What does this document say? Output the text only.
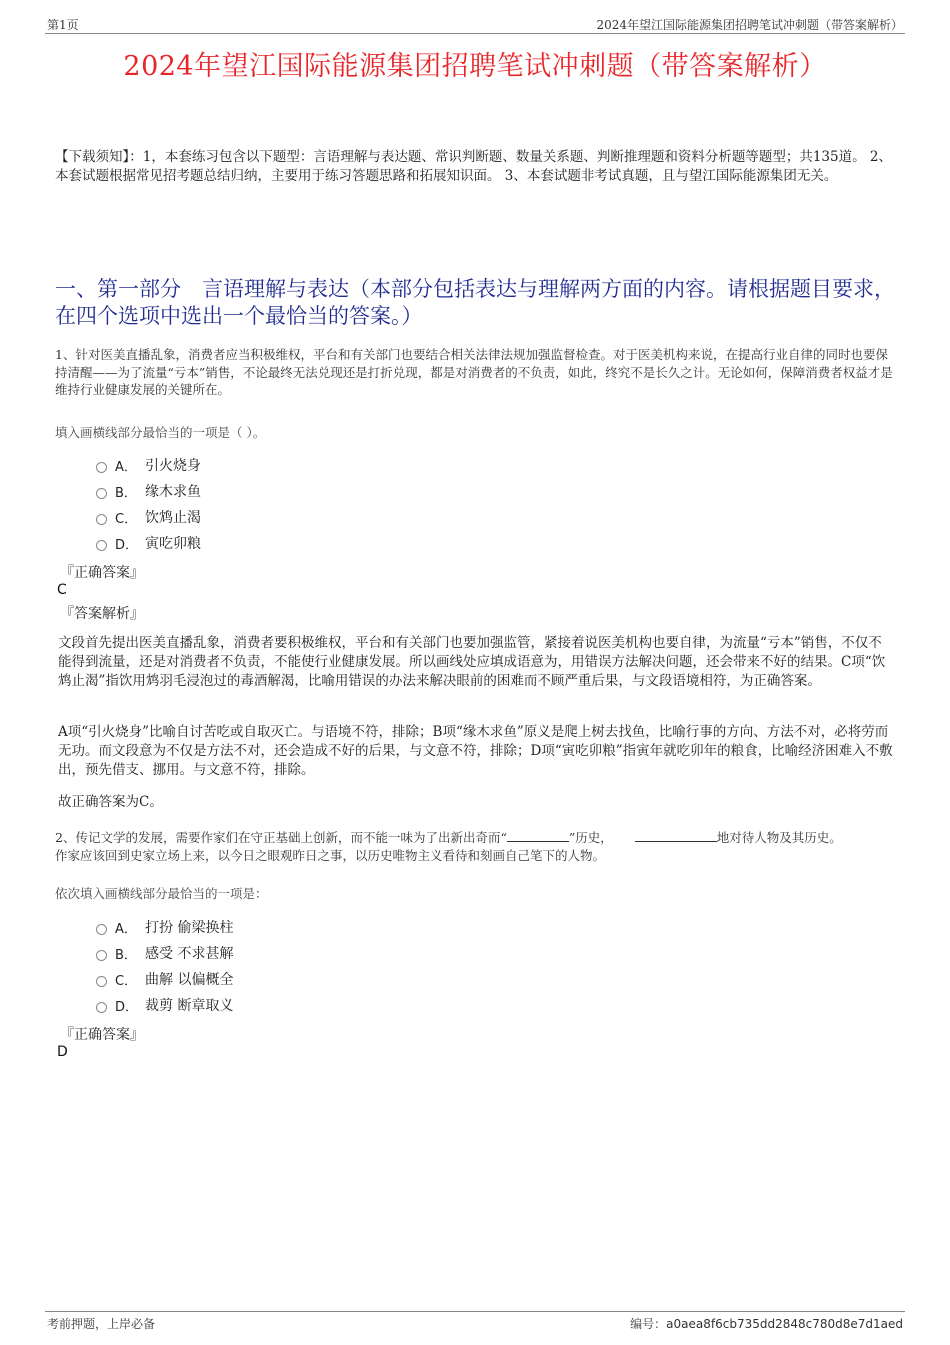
第1页	2024年望江国际能源集团招聘笔试冲刺题（带答案解析）
2024年望江国际能源集团招聘笔试冲刺题（带答案解析）
【下载须知】：1，本套练习包含以下题型：言语理解与表达题、常识判断题、数量关系题、判断推理题和资料分析题等题型；共135道。 2、本套试题根据常见招考题总结归纳，主要用于练习答题思路和拓展知识面。 3、本套试题非考试真题，且与望江国际能源集团无关。
一、第一部分　言语理解与表达（本部分包括表达与理解两方面的内容。请根据题目要求，在四个选项中选出一个最恰当的答案。）
1、针对医美直播乱象，消费者应当积极维权，平台和有关部门也要结合相关法律法规加强监督检查。对于医美机构来说，在提高行业自律的同时也要保持清醒——为了流量“亏本”销售，不论最终无法兑现还是打折兑现，都是对消费者的不负责，如此，终究不是长久之计。无论如何，保障消费者权益才是维持行业健康发展的关键所在。
填入画横线部分最恰当的一项是（ ）。
A． 引火烧身
B． 缘木求鱼
C． 饮鸩止渴
D． 寅吃卯粮
『正确答案』
C
『答案解析』
文段首先提出医美直播乱象，消费者要积极维权，平台和有关部门也要加强监管，紧接着说医美机构也要自律，为流量“亏本”销售，不仅不能得到流量，还是对消费者不负责，不能使行业健康发展。所以画线处应填成语意为，用错误方法解决问题，还会带来不好的结果。C项“饮鸩止渴”指饮用鸩羽毛浸泡过的毒酒解渴，比喻用错误的办法来解决眼前的困难而不顾严重后果，与文段语境相符，为正确答案。
A项“引火烧身”比喻自讨苦吃或自取灭亡。与语境不符，排除；B项“缘木求鱼”原义是爬上树去找鱼，比喻行事的方向、方法不对，必将劳而无功。而文段意为不仅是方法不对，还会造成不好的后果，与文意不符，排除；D项“寅吃卯粮”指寅年就吃卯年的粮食，比喻经济困难入不敷出，预先借支、挪用。与文意不符，排除。
故正确答案为C。
2、传记文学的发展，需要作家们在守正基础上创新，而不能一味为了出新出奇而“	”历史，	地对待人物及其历史。
作家应该回到史家立场上来，以今日之眼观昨日之事，以历史唯物主义看待和刻画自己笔下的人物。
依次填入画横线部分最恰当的一项是：
A． 打扮 偷梁换柱
B． 感受 不求甚解
C． 曲解 以偏概全
D． 裁剪 断章取义
『正确答案』
D
考前押题，上岸必备	编号：a0aea8f6cb735dd2848c780d8e7d1aed
